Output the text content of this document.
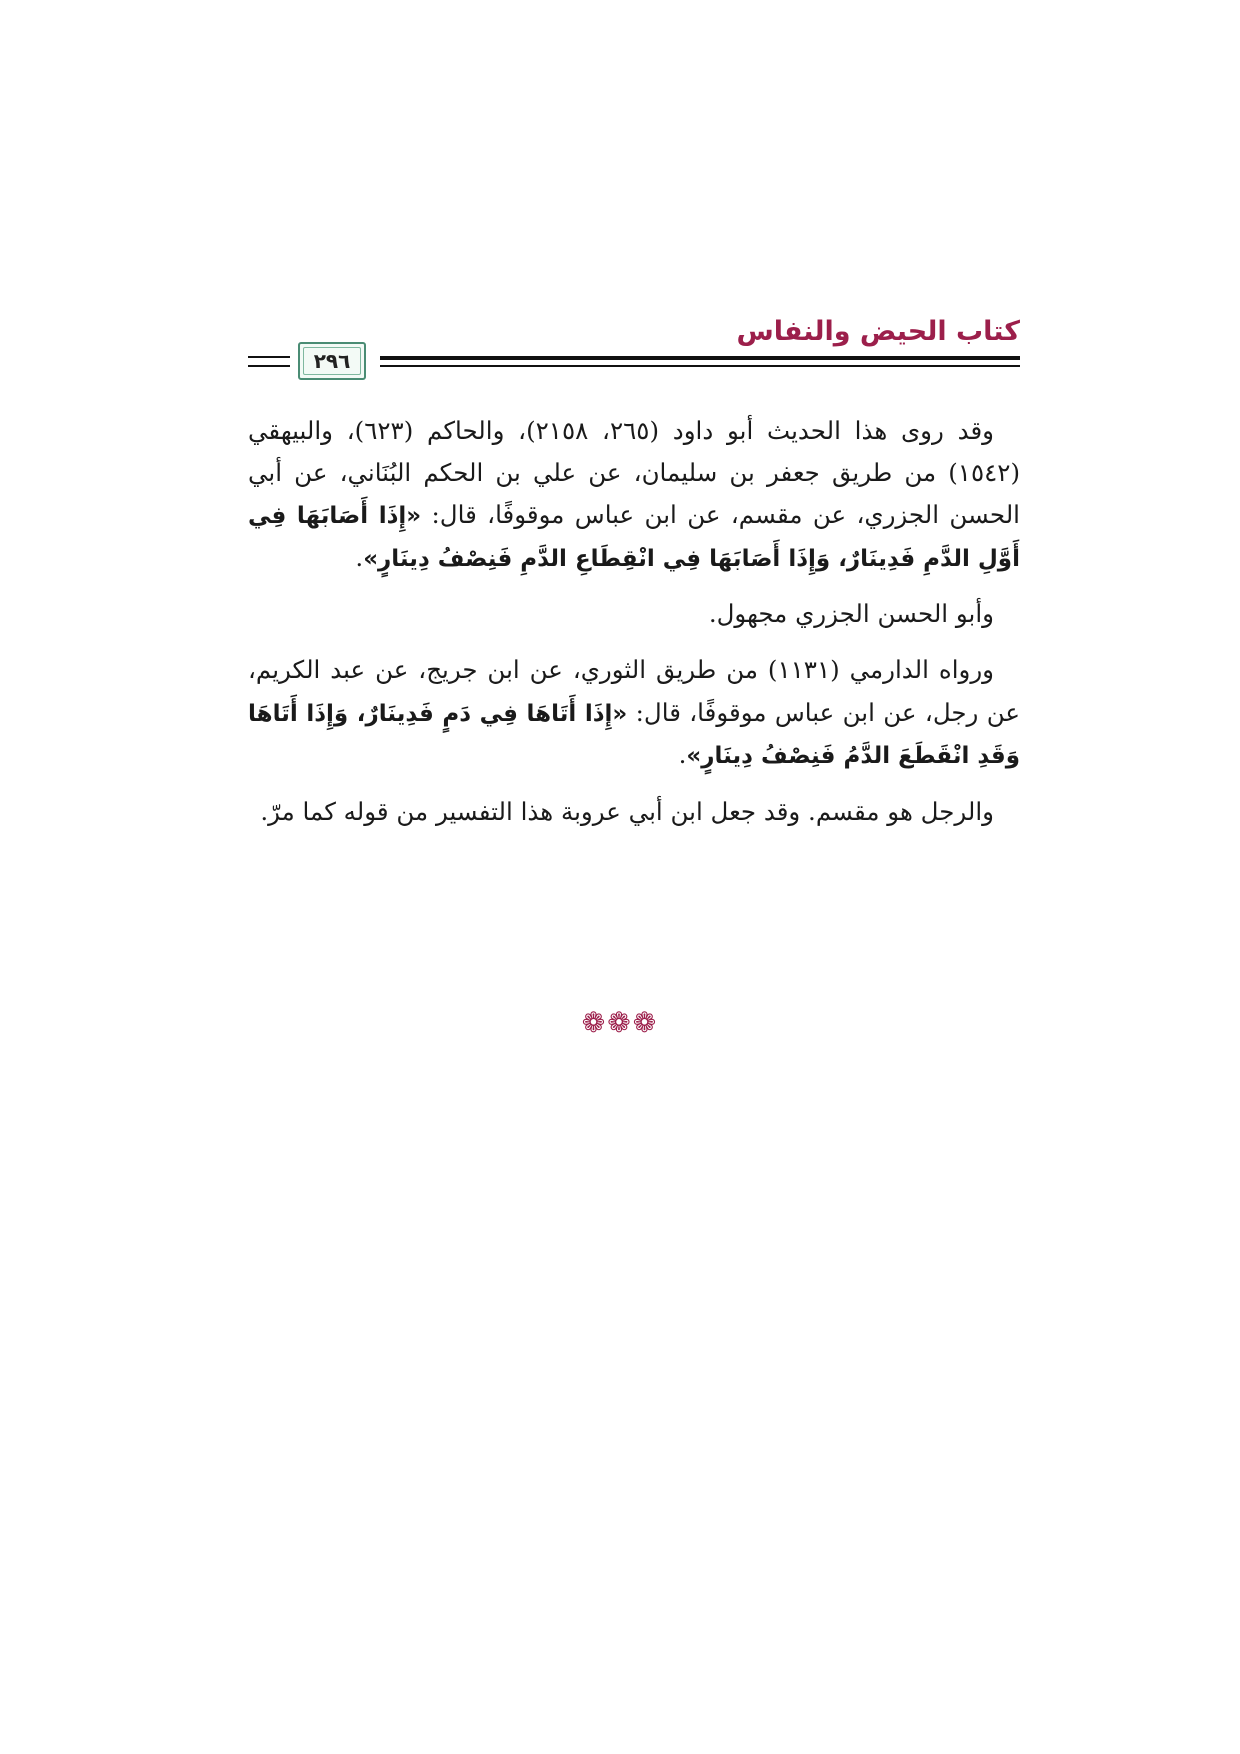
كتاب الحيض والنفاس
٢٩٦

وقد روى هذا الحديث أبو داود (٢٦٥، ٢١٥٨)، والحاكم (٦٢٣)، والبيهقي (١٥٤٢) من طريق جعفر بن سليمان، عن علي بن الحكم البُنَاني، عن أبي الحسن الجزري، عن مقسم، عن ابن عباس موقوفًا، قال: «إِذَا أَصَابَهَا فِي أَوَّلِ الدَّمِ فَدِينَارٌ، وَإِذَا أَصَابَهَا فِي انْقِطَاعِ الدَّمِ فَنِصْفُ دِينَارٍ».

وأبو الحسن الجزري مجهول.

ورواه الدارمي (١١٣١) من طريق الثوري، عن ابن جريج، عن عبد الكريم، عن رجل، عن ابن عباس موقوفًا، قال: «إِذَا أَتَاهَا فِي دَمٍ فَدِينَارٌ، وَإِذَا أَتَاهَا وَقَدِ انْقَطَعَ الدَّمُ فَنِصْفُ دِينَارٍ».

والرجل هو مقسم. وقد جعل ابن أبي عروبة هذا التفسير من قوله كما مرّ.

❁❁❁
